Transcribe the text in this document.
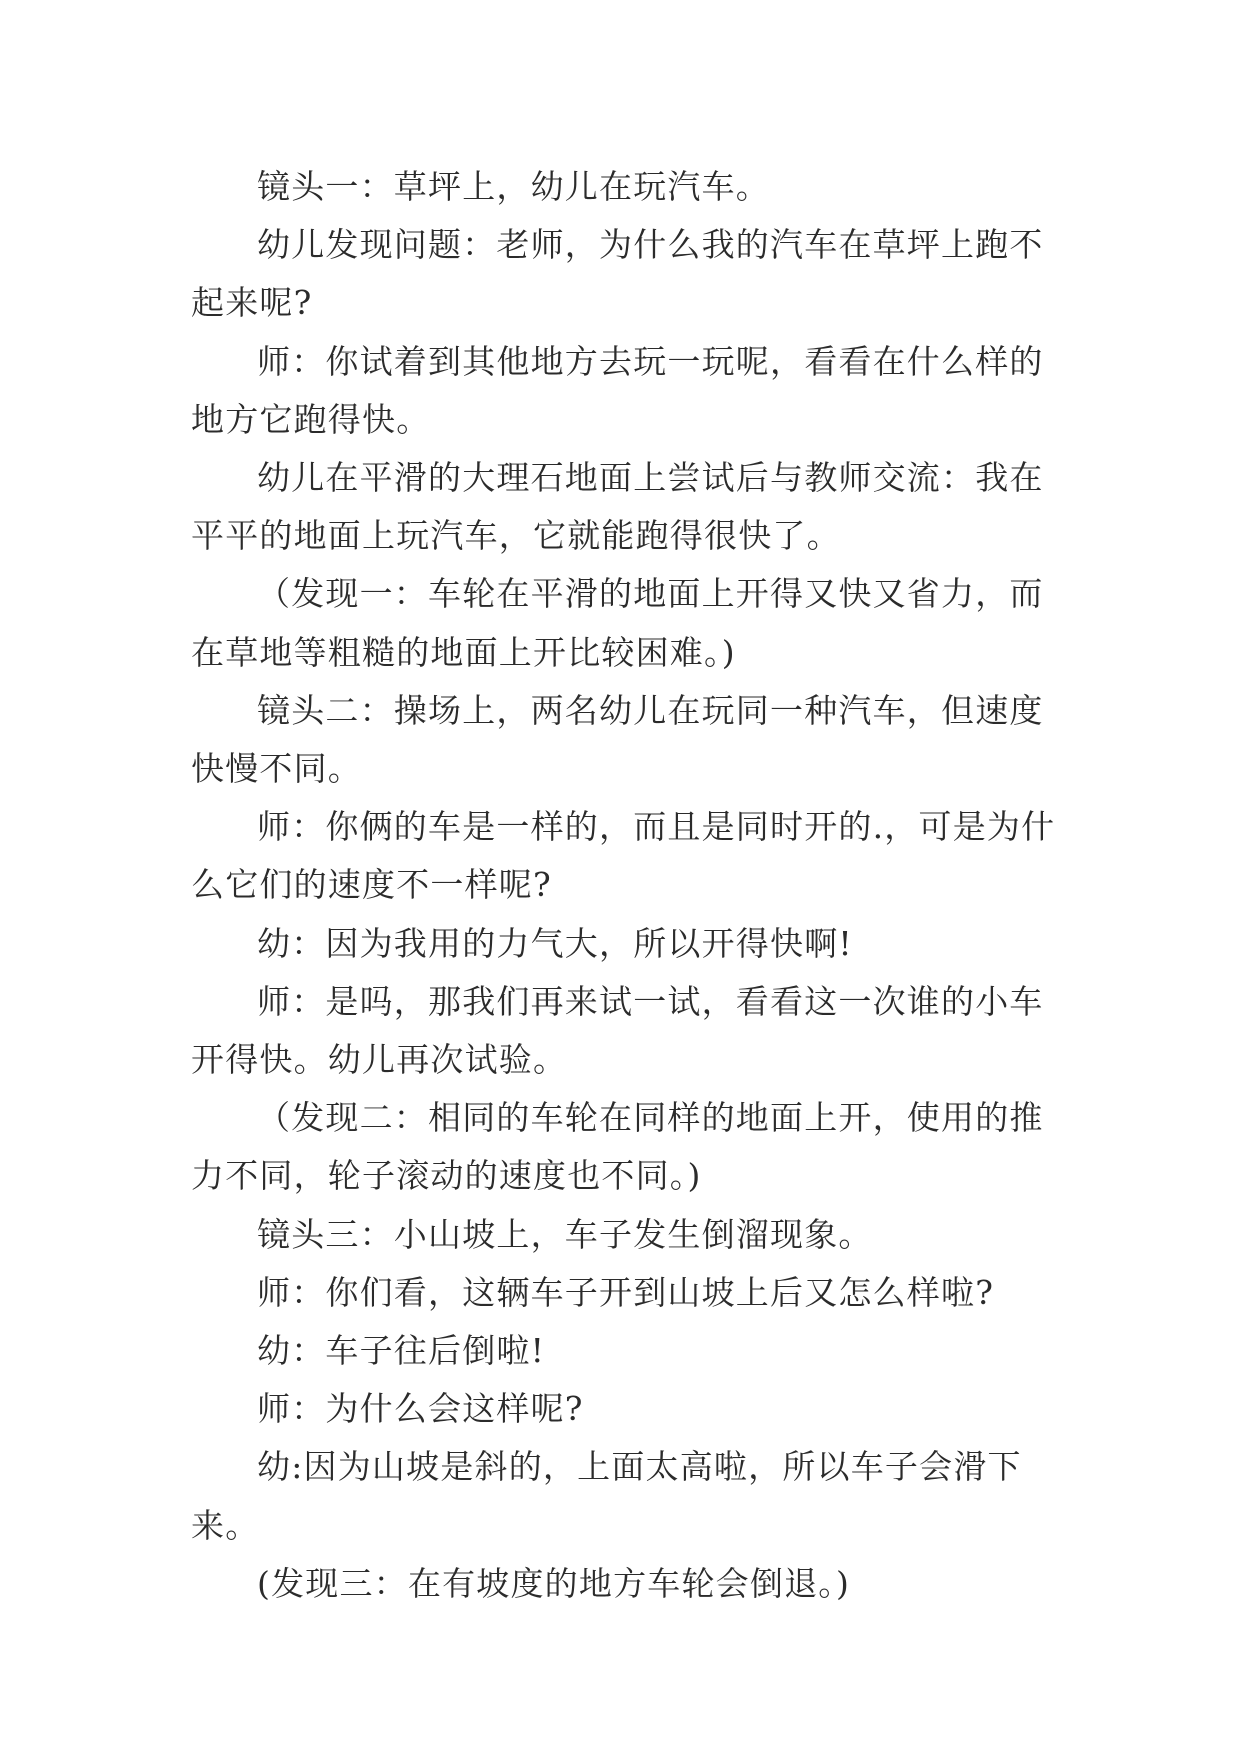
镜头一：草坪上，幼儿在玩汽车。

幼儿发现问题：老师，为什么我的汽车在草坪上跑不起来呢?

师：你试着到其他地方去玩一玩呢，看看在什么样的地方它跑得快。

幼儿在平滑的大理石地面上尝试后与教师交流：我在平平的地面上玩汽车，它就能跑得很快了。

（发现一：车轮在平滑的地面上开得又快又省力，而在草地等粗糙的地面上开比较困难。)

镜头二：操场上，两名幼儿在玩同一种汽车，但速度快慢不同。

师：你俩的车是一样的，而且是同时开的.，可是为什么它们的速度不一样呢?

幼：因为我用的力气大，所以开得快啊!

师：是吗，那我们再来试一试，看看这一次谁的小车开得快。幼儿再次试验。

（发现二：相同的车轮在同样的地面上开，使用的推力不同，轮子滚动的速度也不同。)

镜头三：小山坡上，车子发生倒溜现象。

师：你们看，这辆车子开到山坡上后又怎么样啦?

幼：车子往后倒啦!

师：为什么会这样呢?

幼:因为山坡是斜的，上面太高啦，所以车子会滑下来。

(发现三：在有坡度的地方车轮会倒退。)
